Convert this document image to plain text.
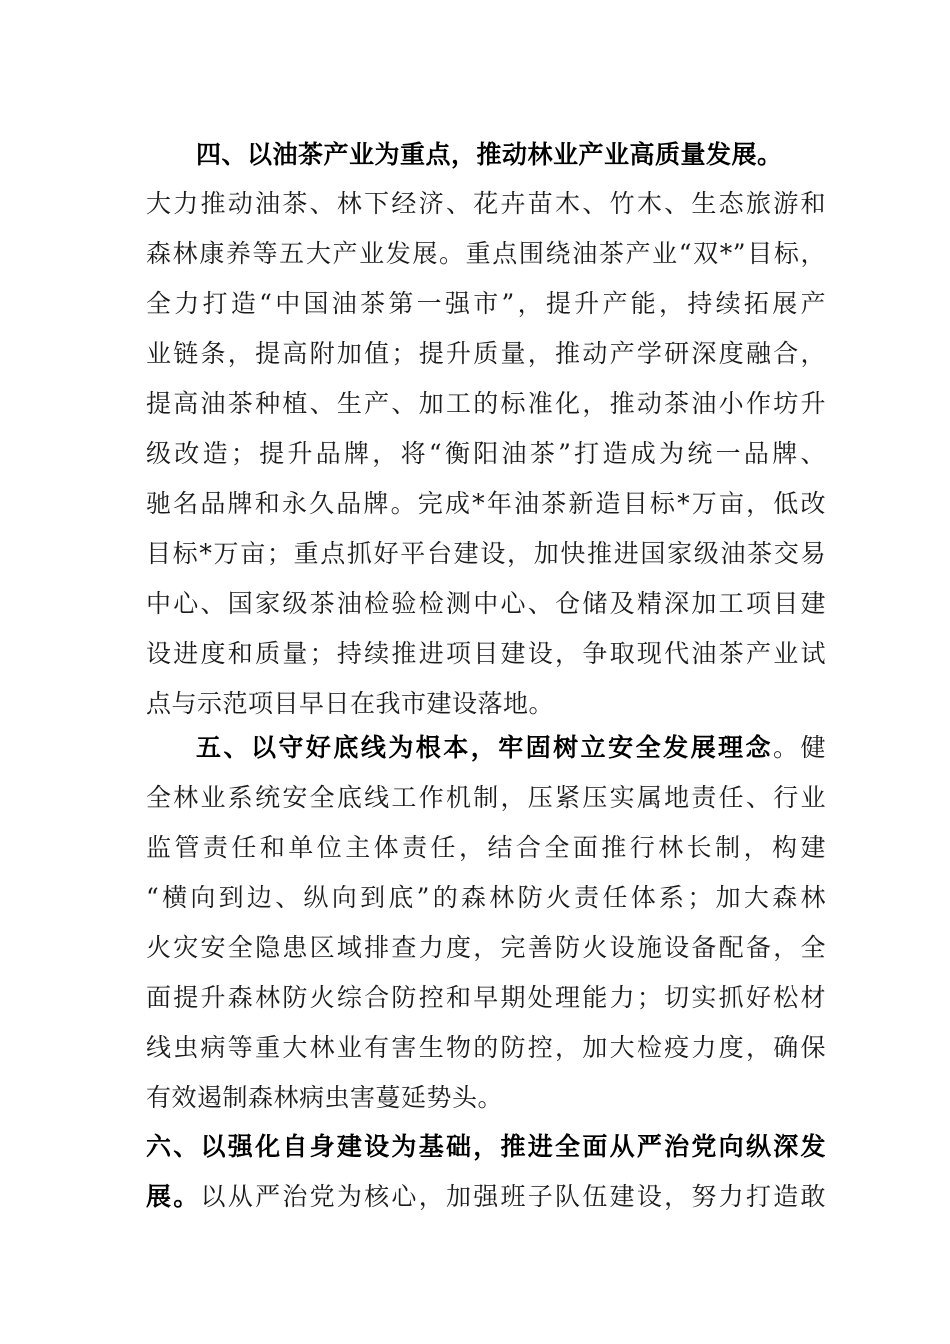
四、以油茶产业为重点，推动林业产业高质量发展。
大力推动油茶、林下经济、花卉苗木、竹木、生态旅游和
森林康养等五大产业发展。重点围绕油茶产业“双*”目标，
全力打造“中国油茶第一强市”，提升产能，持续拓展产
业链条，提高附加值；提升质量，推动产学研深度融合，
提高油茶种植、生产、加工的标准化，推动茶油小作坊升
级改造；提升品牌，将“衡阳油茶”打造成为统一品牌、
驰名品牌和永久品牌。完成*年油茶新造目标*万亩，低改
目标*万亩；重点抓好平台建设，加快推进国家级油茶交易
中心、国家级茶油检验检测中心、仓储及精深加工项目建
设进度和质量；持续推进项目建设，争取现代油茶产业试
点与示范项目早日在我市建设落地。
五、以守好底线为根本，牢固树立安全发展理念。健
全林业系统安全底线工作机制，压紧压实属地责任、行业
监管责任和单位主体责任，结合全面推行林长制，构建
“横向到边、纵向到底”的森林防火责任体系；加大森林
火灾安全隐患区域排查力度，完善防火设施设备配备，全
面提升森林防火综合防控和早期处理能力；切实抓好松材
线虫病等重大林业有害生物的防控，加大检疫力度，确保
有效遏制森林病虫害蔓延势头。
六、以强化自身建设为基础，推进全面从严治党向纵深发
展。以从严治党为核心，加强班子队伍建设，努力打造敢
